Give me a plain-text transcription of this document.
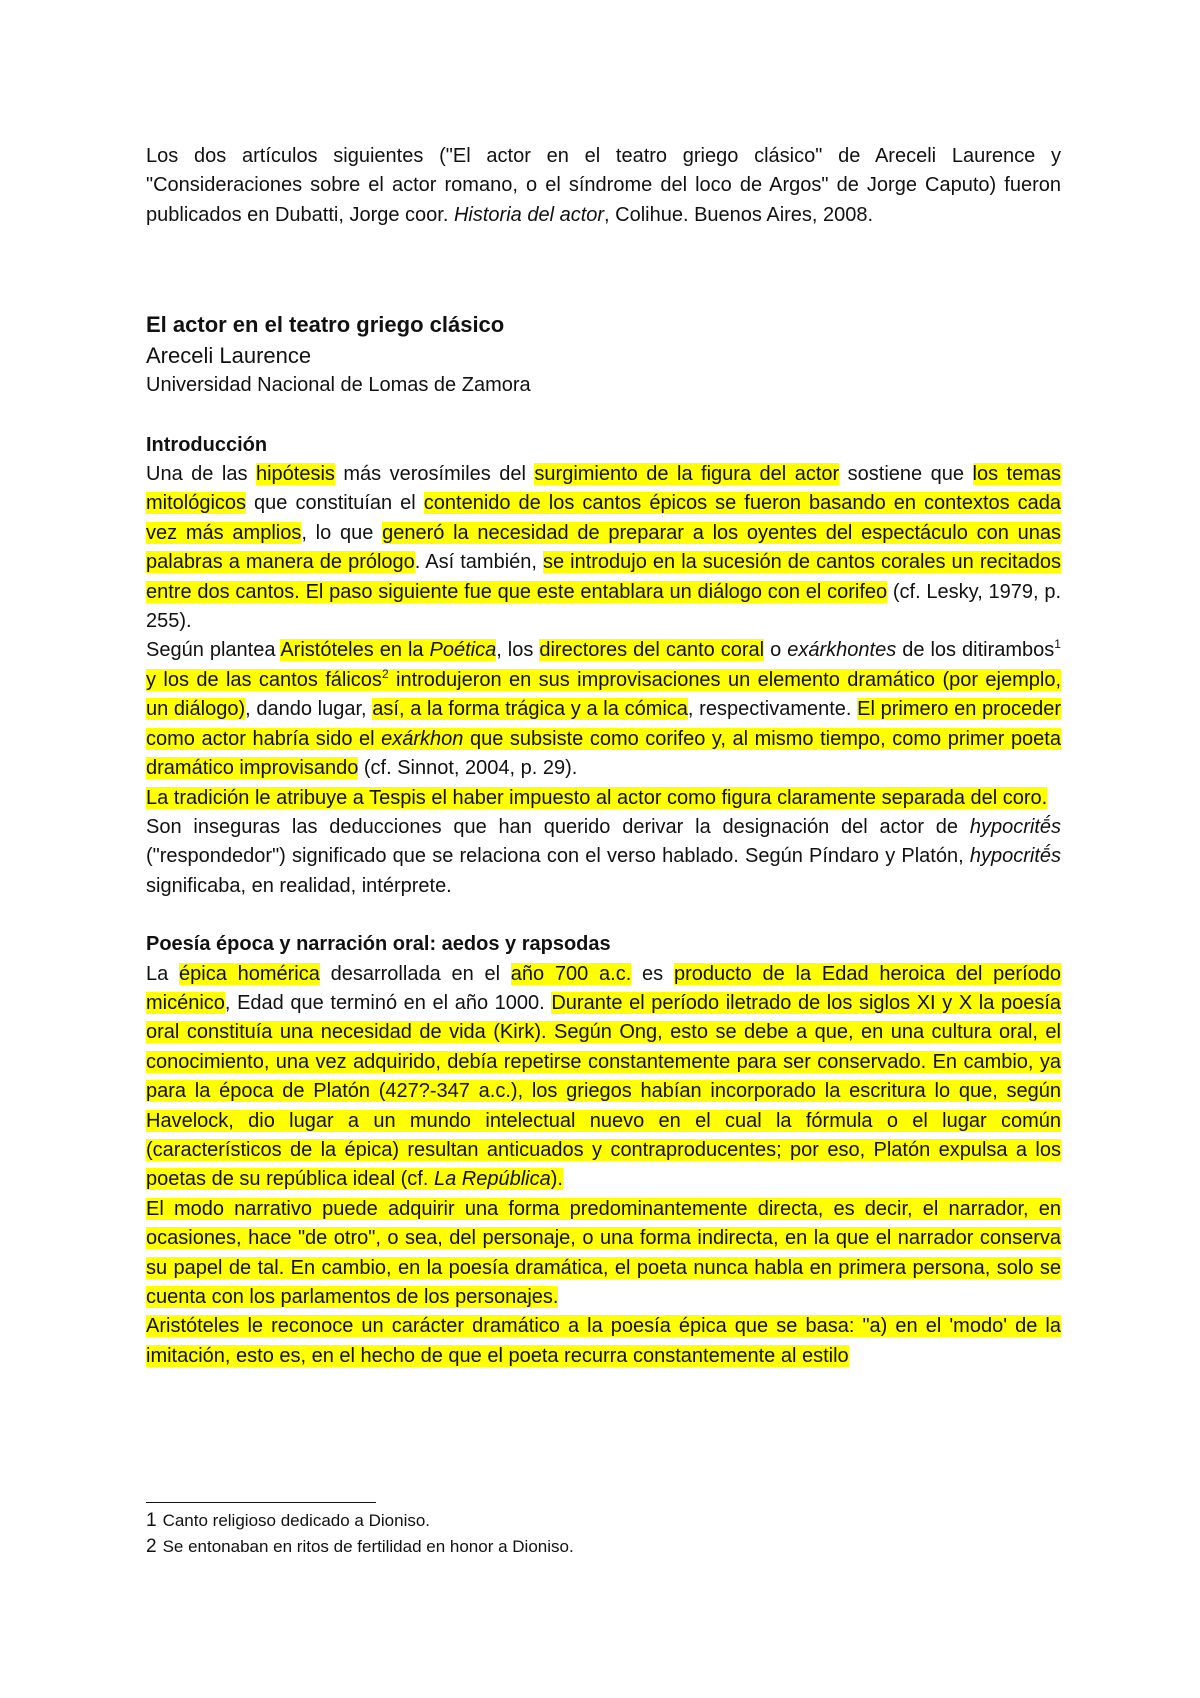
Los dos artículos siguientes ("El actor en el teatro griego clásico" de Areceli Laurence y "Consideraciones sobre el actor romano, o el síndrome del loco de Argos" de Jorge Caputo) fueron publicados en Dubatti, Jorge coor. Historia del actor, Colihue. Buenos Aires, 2008.

El actor en el teatro griego clásico
Areceli Laurence
Universidad Nacional de Lomas de Zamora
Introducción

Una de las hipótesis más verosímiles del surgimiento de la figura del actor sostiene que los temas mitológicos que constituían el contenido de los cantos épicos se fueron basando en contextos cada vez más amplios, lo que generó la necesidad de preparar a los oyentes del espectáculo con unas palabras a manera de prólogo. Así también, se introdujo en la sucesión de cantos corales un recitados entre dos cantos. El paso siguiente fue que este entablara un diálogo con el corifeo (cf. Lesky, 1979, p. 255).

Según plantea Aristóteles en la Poética, los directores del canto coral o exárkhontes de los ditirambos$^1$ y los de las cantos fálicos$^2$ introdujeron en sus improvisaciones un elemento dramático (por ejemplo, un diálogo), dando lugar, así, a la forma trágica y a la cómica, respectivamente. El primero en proceder como actor habría sido el exárkhon que subsiste como corifeo y, al mismo tiempo, como primer poeta dramático improvisando (cf. Sinnot, 2004, p. 29).

La tradición le atribuye a Tespis el haber impuesto al actor como figura claramente separada del coro.

Son inseguras las deducciones que han querido derivar la designación del actor de hypocritḗs ("respondedor") significado que se relaciona con el verso hablado. Según Píndaro y Platón, hypocritḗs significaba, en realidad, intérprete.

Poesía época y narración oral: aedos y rapsodas

La épica homérica desarrollada en el año 700 a.c. es producto de la Edad heroica del período micénico, Edad que terminó en el año 1000. Durante el período iletrado de los siglos XI y X la poesía oral constituía una necesidad de vida (Kirk). Según Ong, esto se debe a que, en una cultura oral, el conocimiento, una vez adquirido, debía repetirse constantemente para ser conservado. En cambio, ya para la época de Platón (427?-347 a.c.), los griegos habían incorporado la escritura lo que, según Havelock, dio lugar a un mundo intelectual nuevo en el cual la fórmula o el lugar común (característicos de la épica) resultan anticuados y contraproducentes; por eso, Platón expulsa a los poetas de su república ideal (cf. La República).

El modo narrativo puede adquirir una forma predominantemente directa, es decir, el narrador, en ocasiones, hace "de otro", o sea, del personaje, o una forma indirecta, en la que el narrador conserva su papel de tal. En cambio, en la poesía dramática, el poeta nunca habla en primera persona, solo se cuenta con los parlamentos de los personajes.

Aristóteles le reconoce un carácter dramático a la poesía épica que se basa: "a) en el 'modo' de la imitación, esto es, en el hecho de que el poeta recurra constantemente al estilo

1 Canto religioso dedicado a Dioniso.
2 Se entonaban en ritos de fertilidad en honor a Dioniso.
